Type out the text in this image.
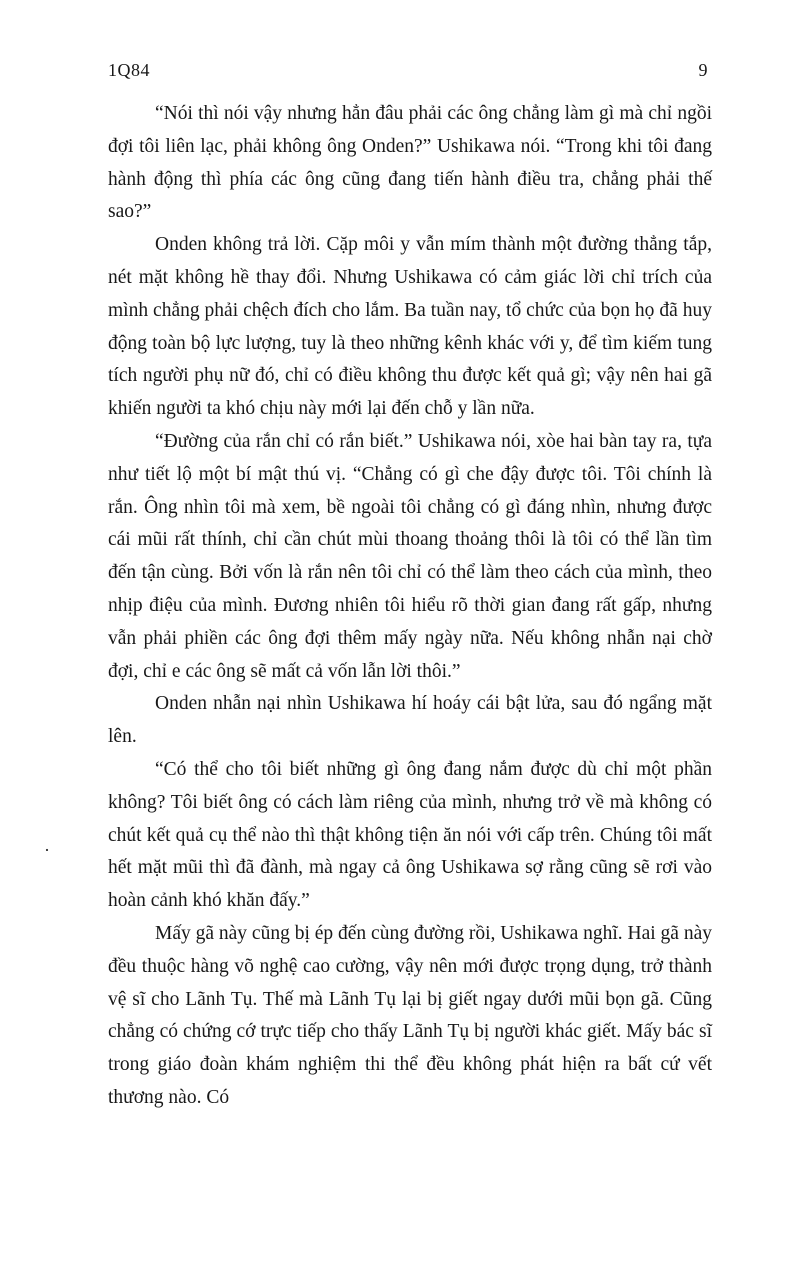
1Q84	9

“Nói thì nói vậy nhưng hẳn đâu phải các ông chẳng làm gì mà chỉ ngồi đợi tôi liên lạc, phải không ông Onden?” Ushikawa nói. “Trong khi tôi đang hành động thì phía các ông cũng đang tiến hành điều tra, chẳng phải thế sao?”

Onden không trả lời. Cặp môi y vẫn mím thành một đường thẳng tắp, nét mặt không hề thay đổi. Nhưng Ushikawa có cảm giác lời chỉ trích của mình chẳng phải chệch đích cho lắm. Ba tuần nay, tổ chức của bọn họ đã huy động toàn bộ lực lượng, tuy là theo những kênh khác với y, để tìm kiếm tung tích người phụ nữ đó, chỉ có điều không thu được kết quả gì; vậy nên hai gã khiến người ta khó chịu này mới lại đến chỗ y lần nữa.

“Đường của rắn chỉ có rắn biết.” Ushikawa nói, xòe hai bàn tay ra, tựa như tiết lộ một bí mật thú vị. “Chẳng có gì che đậy được tôi. Tôi chính là rắn. Ông nhìn tôi mà xem, bề ngoài tôi chẳng có gì đáng nhìn, nhưng được cái mũi rất thính, chỉ cần chút mùi thoang thoảng thôi là tôi có thể lần tìm đến tận cùng. Bởi vốn là rắn nên tôi chỉ có thể làm theo cách của mình, theo nhịp điệu của mình. Đương nhiên tôi hiểu rõ thời gian đang rất gấp, nhưng vẫn phải phiền các ông đợi thêm mấy ngày nữa. Nếu không nhẫn nại chờ đợi, chỉ e các ông sẽ mất cả vốn lẫn lời thôi.”

Onden nhẫn nại nhìn Ushikawa hí hoáy cái bật lửa, sau đó ngẩng mặt lên.

“Có thể cho tôi biết những gì ông đang nắm được dù chỉ một phần không? Tôi biết ông có cách làm riêng của mình, nhưng trở về mà không có chút kết quả cụ thể nào thì thật không tiện ăn nói với cấp trên. Chúng tôi mất hết mặt mũi thì đã đành, mà ngay cả ông Ushikawa sợ rằng cũng sẽ rơi vào hoàn cảnh khó khăn đấy.”

Mấy gã này cũng bị ép đến cùng đường rồi, Ushikawa nghĩ. Hai gã này đều thuộc hàng võ nghệ cao cường, vậy nên mới được trọng dụng, trở thành vệ sĩ cho Lãnh Tụ. Thế mà Lãnh Tụ lại bị giết ngay dưới mũi bọn gã. Cũng chẳng có chứng cớ trực tiếp cho thấy Lãnh Tụ bị người khác giết. Mấy bác sĩ trong giáo đoàn khám nghiệm thi thể đều không phát hiện ra bất cứ vết thương nào. Có

·
